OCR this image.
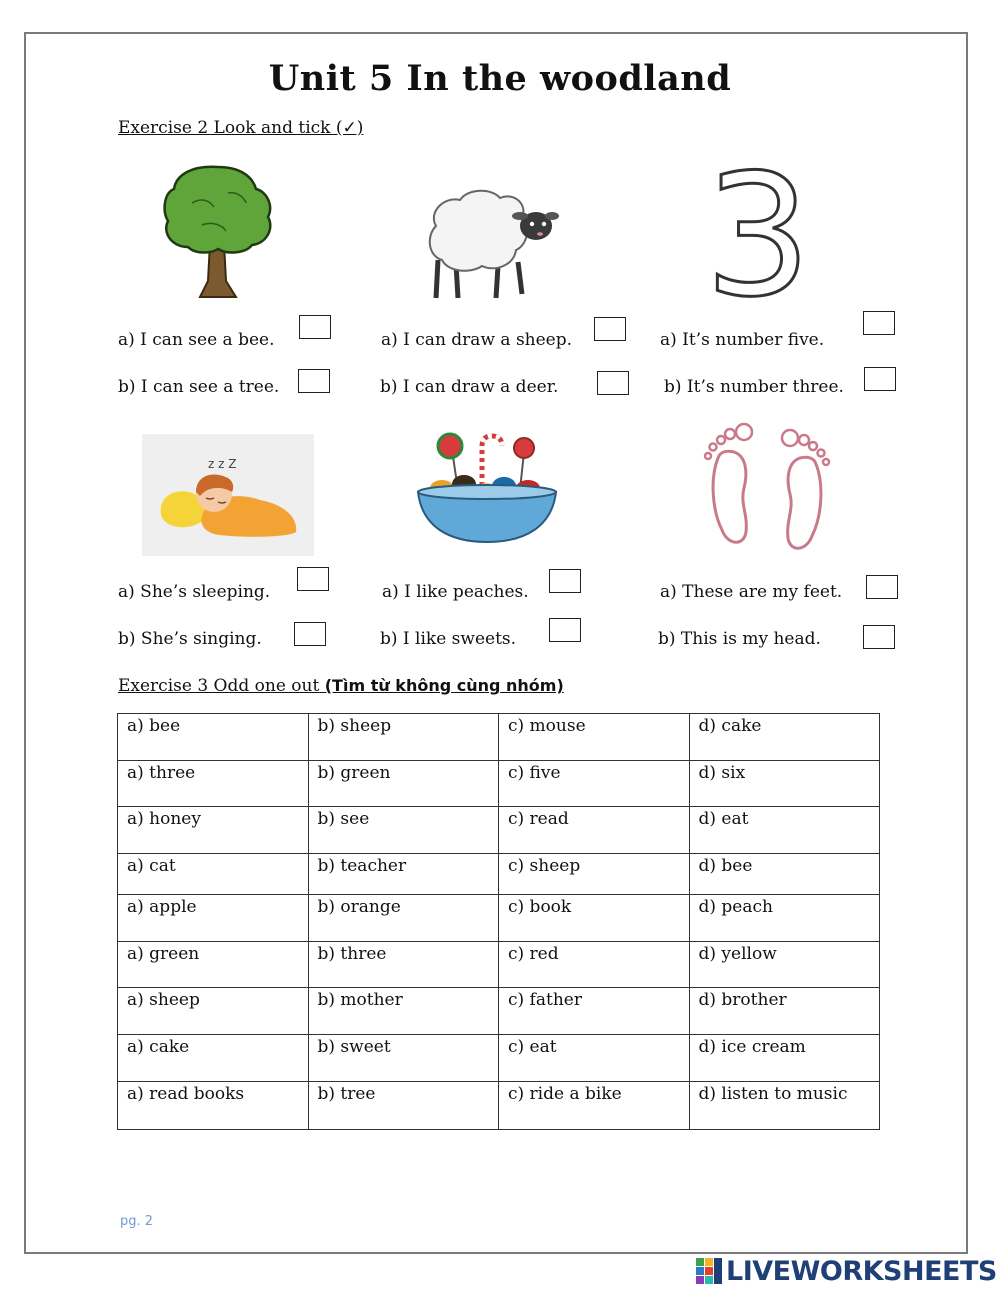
Unit 5 In the woodland
Exercise 2 Look and tick (✓)
3
a) I can see a bee.
b) I can see a tree.
a) I can draw a sheep.
b) I can draw a deer.
a) It’s number five.
b) It’s number three.
z z Z
a) She’s sleeping.
b) She’s singing.
a) I like peaches.
b) I like sweets.
a) These are my feet.
b) This is my head.
Exercise 3 Odd one out (Tìm từ không cùng nhóm)
a) bee	b) sheep	c) mouse	d) cake
a) three	b) green	c) five	d) six
a) honey	b) see	c) read	d) eat
a) cat	b) teacher	c) sheep	d) bee
a) apple	b) orange	c) book	d) peach
a) green	b) three	c) red	d) yellow
a) sheep	b) mother	c) father	d) brother
a) cake	b) sweet	c) eat	d) ice cream
a) read books	b) tree	c) ride a bike	d) listen to music
pg. 2
LIVEWORKSHEETS
